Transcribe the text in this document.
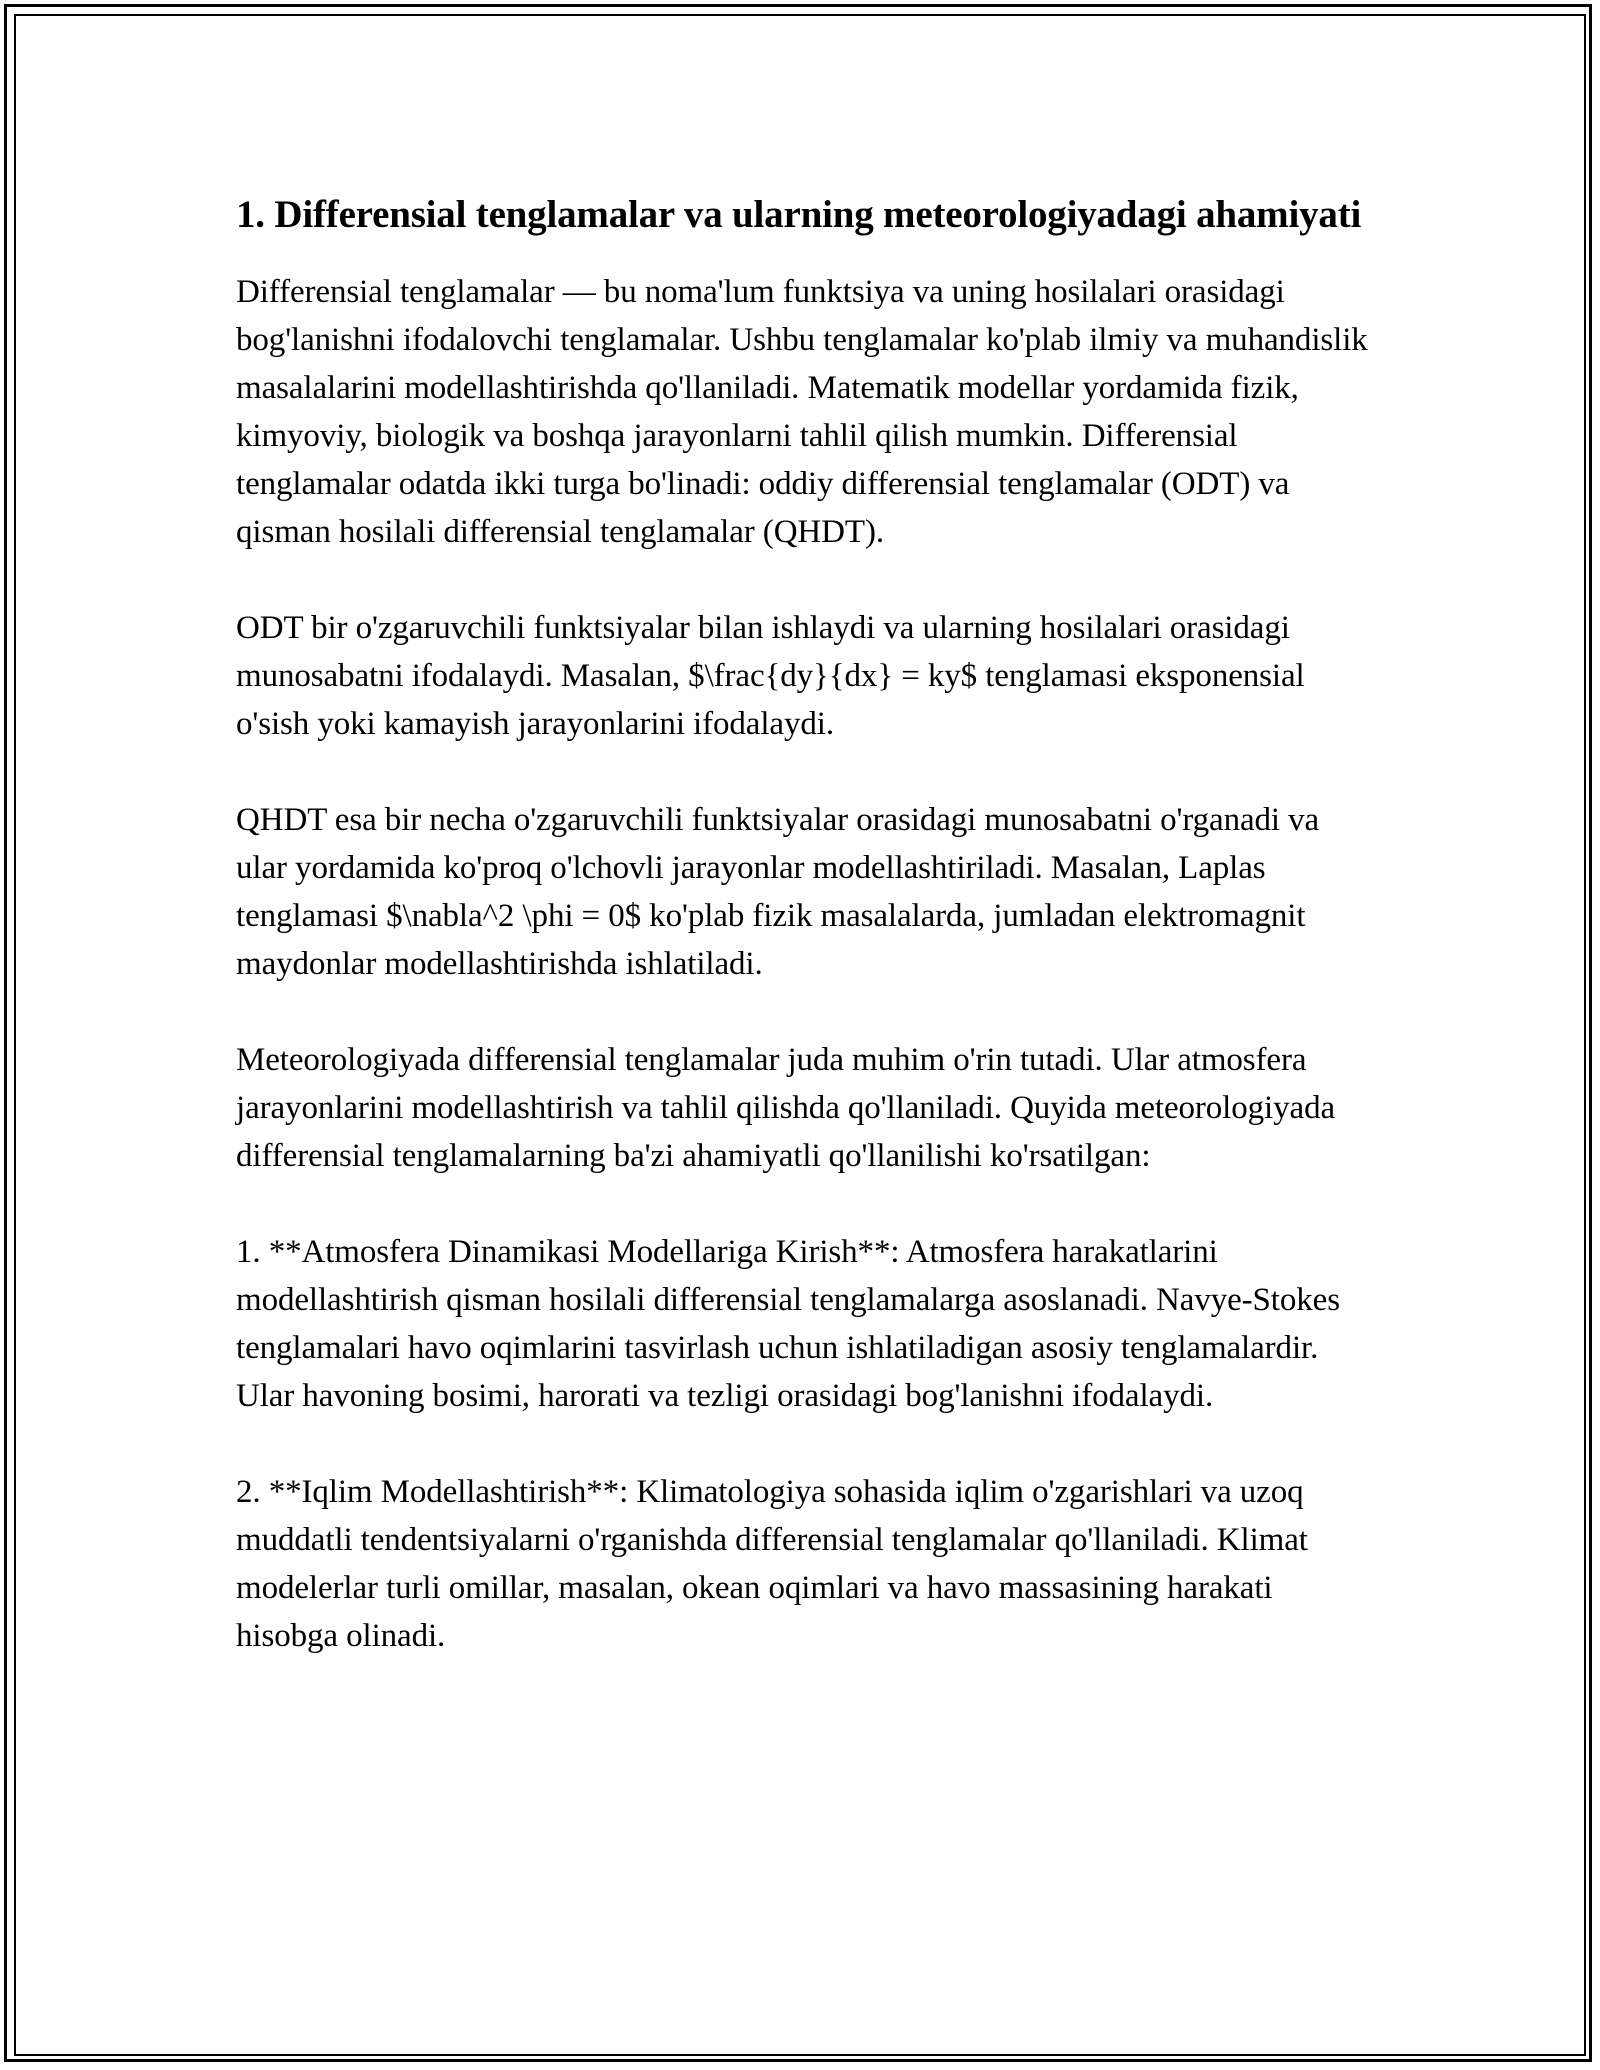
1. Differensial tenglamalar va ularning meteorologiyadagi ahamiyati

Differensial tenglamalar — bu noma'lum funktsiya va uning hosilalari orasidagi bog'lanishni ifodalovchi tenglamalar. Ushbu tenglamalar ko'plab ilmiy va muhandislik masalalarini modellashtirishda qo'llaniladi. Matematik modellar yordamida fizik, kimyoviy, biologik va boshqa jarayonlarni tahlil qilish mumkin. Differensial tenglamalar odatda ikki turga bo'linadi: oddiy differensial tenglamalar (ODT) va qisman hosilali differensial tenglamalar (QHDT).

ODT bir o'zgaruvchili funktsiyalar bilan ishlaydi va ularning hosilalari orasidagi munosabatni ifodalaydi. Masalan, $\frac{dy}{dx} = ky$ tenglamasi eksponensial o'sish yoki kamayish jarayonlarini ifodalaydi.

QHDT esa bir necha o'zgaruvchili funktsiyalar orasidagi munosabatni o'rganadi va ular yordamida ko'proq o'lchovli jarayonlar modellashtiriladi. Masalan, Laplas tenglamasi $\nabla^2 \phi = 0$ ko'plab fizik masalalarda, jumladan elektromagnit maydonlar modellashtirishda ishlatiladi.

Meteorologiyada differensial tenglamalar juda muhim o'rin tutadi. Ular atmosfera jarayonlarini modellashtirish va tahlil qilishda qo'llaniladi. Quyida meteorologiyada differensial tenglamalarning ba'zi ahamiyatli qo'llanilishi ko'rsatilgan:

1. **Atmosfera Dinamikasi Modellariga Kirish**: Atmosfera harakatlarini modellashtirish qisman hosilali differensial tenglamalarga asoslanadi. Navye-Stokes tenglamalari havo oqimlarini tasvirlash uchun ishlatiladigan asosiy tenglamalardir. Ular havoning bosimi, harorati va tezligi orasidagi bog'lanishni ifodalaydi.

2. **Iqlim Modellashtirish**: Klimatologiya sohasida iqlim o'zgarishlari va uzoq muddatli tendentsiyalarni o'rganishda differensial tenglamalar qo'llaniladi. Klimat modelerlar turli omillar, masalan, okean oqimlari va havo massasining harakati hisobga olinadi.
